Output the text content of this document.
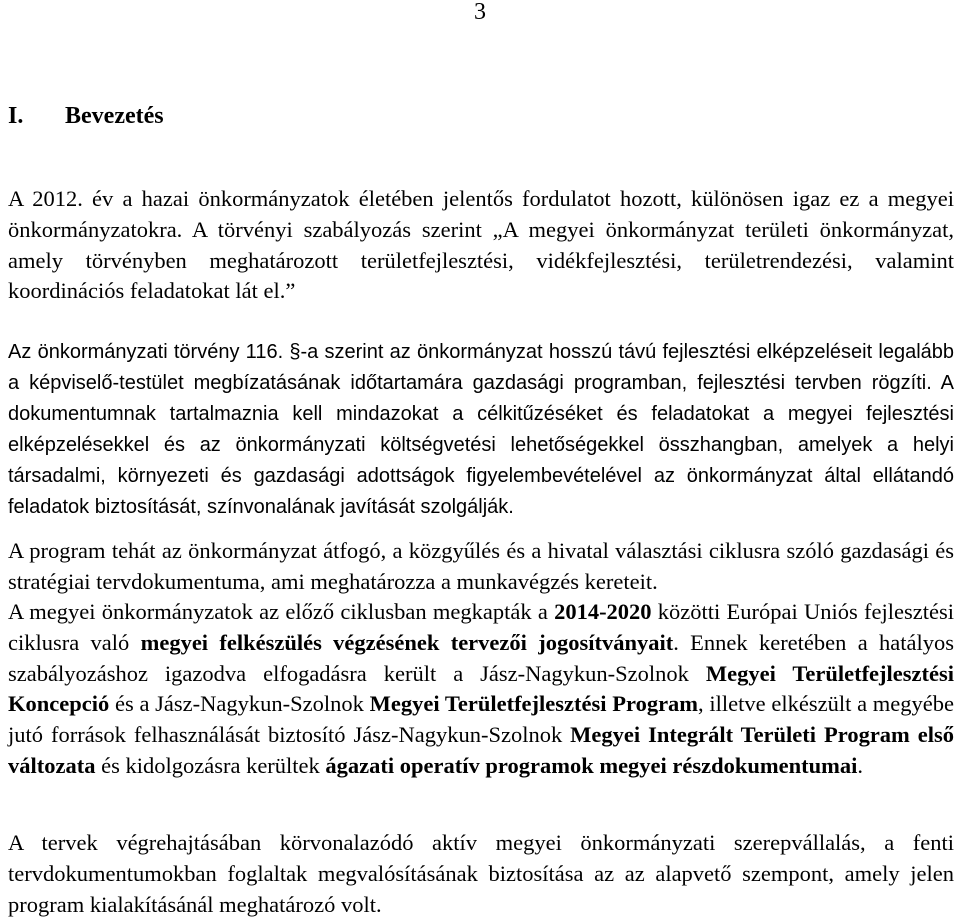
3
I. Bevezetés
A 2012. év a hazai önkormányzatok életében jelentős fordulatot hozott, különösen igaz ez a megyei önkormányzatokra. A törvényi szabályozás szerint „A megyei önkormányzat területi önkormányzat, amely törvényben meghatározott területfejlesztési, vidékfejlesztési, területrendezési, valamint koordinációs feladatokat lát el.”
Az önkormányzati törvény 116. §-a szerint az önkormányzat hosszú távú fejlesztési elképzeléseit legalább a képviselő-testület megbízatásának időtartamára gazdasági programban, fejlesztési tervben rögzíti. A dokumentumnak tartalmaznia kell mindazokat a célkitűzéséket és feladatokat a megyei fejlesztési elképzelésekkel és az önkormányzati költségvetési lehetőségekkel összhangban, amelyek a helyi társadalmi, környezeti és gazdasági adottságok figyelembevételével az önkormányzat által ellátandó feladatok biztosítását, színvonalának javítását szolgálják.
A program tehát az önkormányzat átfogó, a közgyűlés és a hivatal választási ciklusra szóló gazdasági és stratégiai tervdokumentuma, ami meghatározza a munkavégzés kereteit.
A megyei önkormányzatok az előző ciklusban megkapták a 2014-2020 közötti Európai Uniós fejlesztési ciklusra való megyei felkészülés végzésének tervezői jogosítványait. Ennek keretében a hatályos szabályozáshoz igazodva elfogadásra került a Jász-Nagykun-Szolnok Megyei Területfejlesztési Koncepció és a Jász-Nagykun-Szolnok Megyei Területfejlesztési Program, illetve elkészült a megyébe jutó források felhasználását biztosító Jász-Nagykun-Szolnok Megyei Integrált Területi Program első változata és kidolgozásra kerültek ágazati operatív programok megyei részdokumentumai.
A tervek végrehajtásában körvonalazódó aktív megyei önkormányzati szerepvállalás, a fenti tervdokumentumokban foglaltak megvalósításának biztosítása az az alapvető szempont, amely jelen program kialakításánál meghatározó volt.
